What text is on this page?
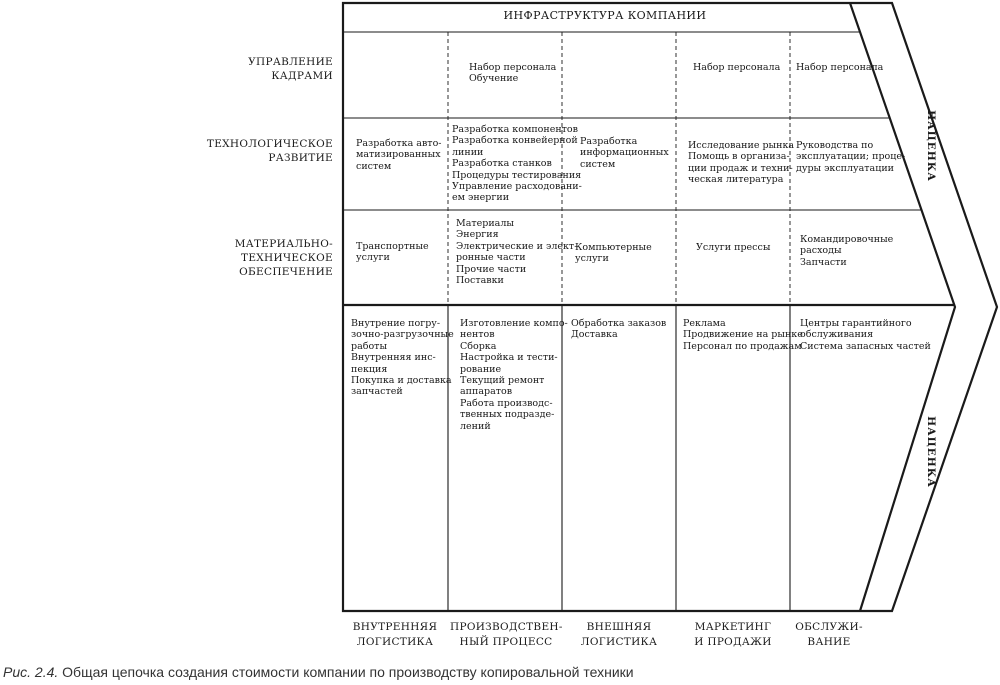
ИНФРАСТРУКТУРА КОМПАНИИ
НАЦЕНКА
НАЦЕНКА
УПРАВЛЕНИЕ
КАДРАМИ
ТЕХНОЛОГИЧЕСКОЕ
РАЗВИТИЕ
МАТЕРИАЛЬНО-ТЕХНИЧЕСКОЕ
ОБЕСПЕЧЕНИЕ
Набор персонала
Обучение
Набор персонала Набор персонала
Разработка авто-
матизированных
систем
Разработка компонентов
Разработка конвейерной
линии
Разработка станков
Процедуры тестирования
Управление расходовани-
ем энергии
Разработка
информационных
систем
Исследование рынка
Помощь в организа-
ции продаж и техни-
ческая литература
Руководства по
эксплуатации; проце-
дуры эксплуатации
Транспортные
услуги
Материалы
Энергия
Электрические и элект-
ронные части
Прочие части
Поставки
Компьютерные
услуги
Услуги прессы
Командировочные
расходы
Запчасти
Внутрение погру-
зочно-разгрузочные
работы
Внутренняя инс-
пекция
Покупка и доставка
запчастей
Изготовление компо-
нентов
Сборка
Настройка и тести-
рование
Текущий ремонт
аппаратов
Работа производс-
твенных подразде-
лений
Обработка заказов
Доставка
Реклама
Продвижение на рынке
Персонал по продажам
Центры гарантийного
обслуживания
Система запасных частей
ВНУТРЕННЯЯ
ЛОГИСТИКА
ПРОИЗВОДСТВЕН-
НЫЙ ПРОЦЕСС
ВНЕШНЯЯ
ЛОГИСТИКА
МАРКЕТИНГ
И ПРОДАЖИ
ОБСЛУЖИ-
ВАНИЕ
Рис. 2.4. Общая цепочка создания стоимости компании по производству копировальной техники
